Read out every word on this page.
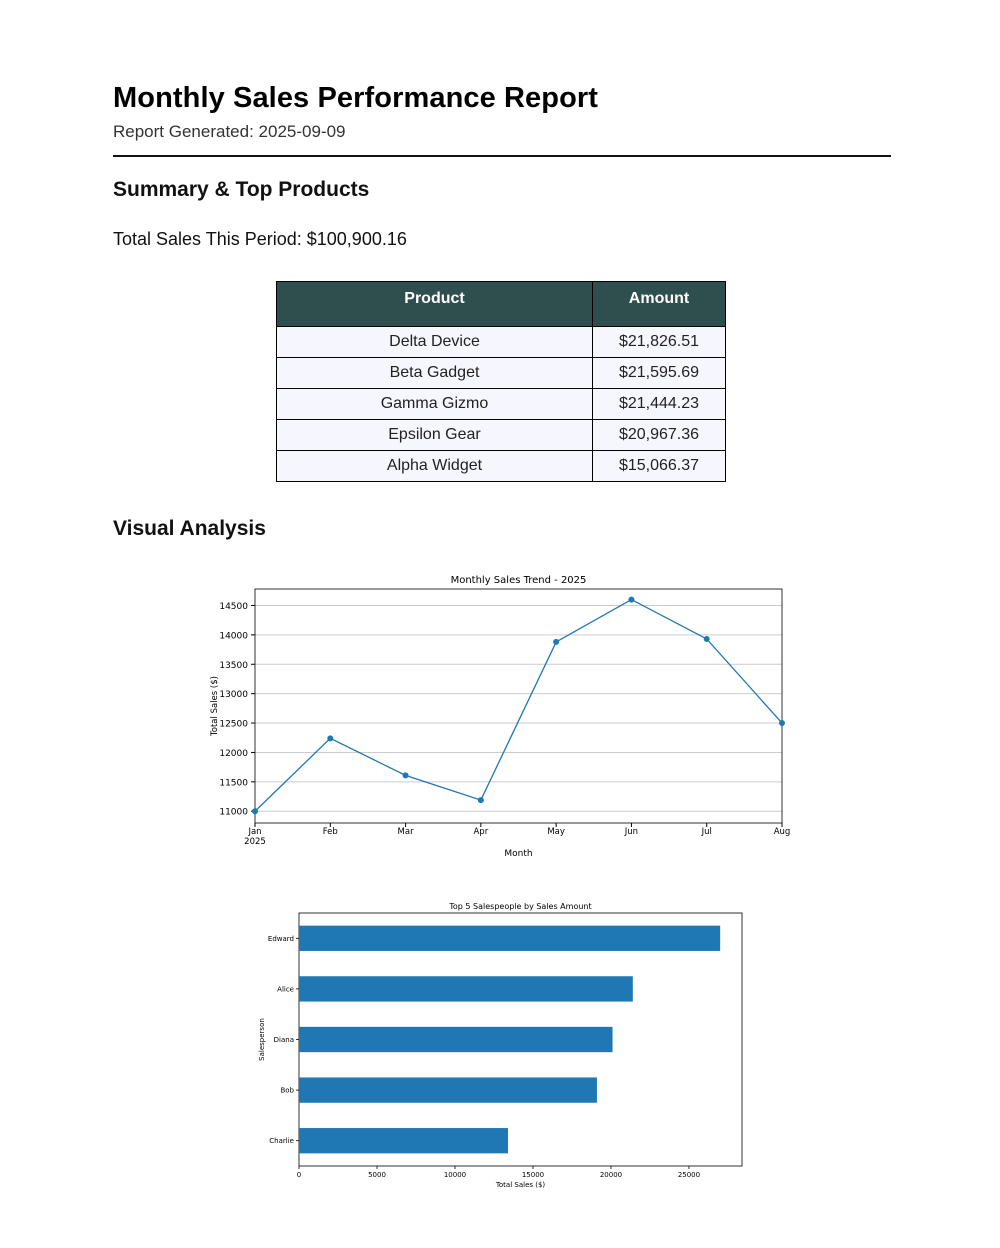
Monthly Sales Performance Report

Report Generated: 2025-09-09

Summary & Top Products

Total Sales This Period: $100,900.16

Product	Amount
Delta Device	$21,826.51
Beta Gadget	$21,595.69
Gamma Gizmo	$21,444.23
Epsilon Gear	$20,967.36
Alpha Widget	$15,066.37
Visual Analysis
11000
11500
12000
12500
13000
13500
14000
14500
Jan	Feb	Mar	Apr	May	Jun	Jul	Aug
2025
Monthly Sales Trend - 2025
Month
Total Sales ($)
Edward
Alice
Diana
Bob
Charlie
0	5000	10000	15000	20000	25000
Top 5 Salespeople by Sales Amount
Total Sales ($)
Salesperson
